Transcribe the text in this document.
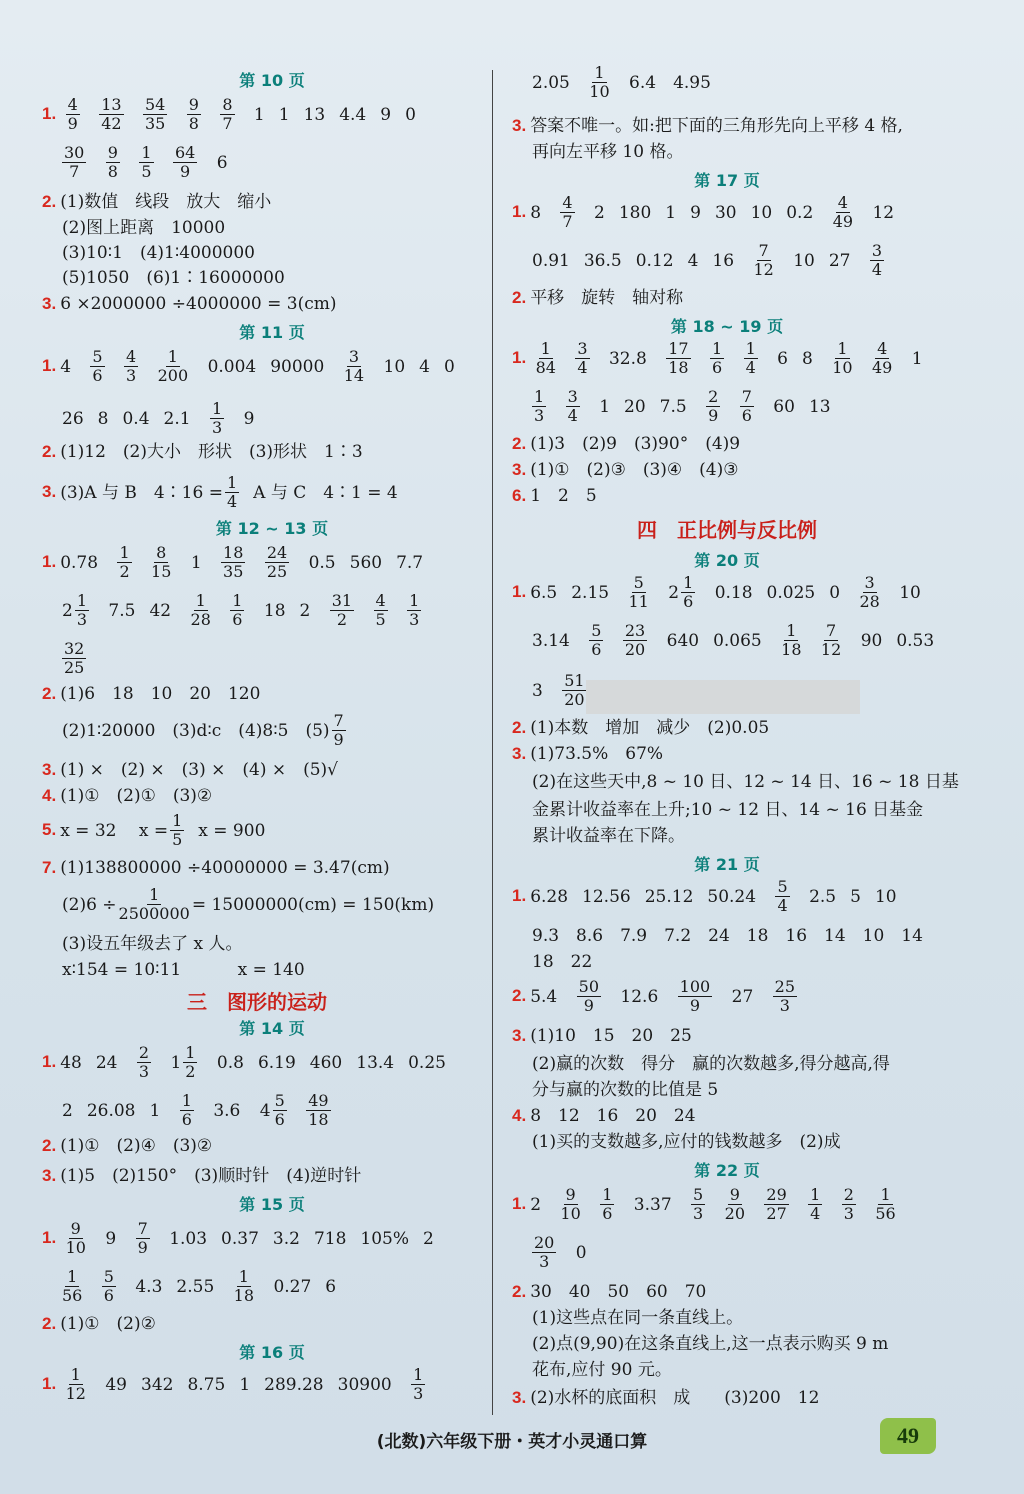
第 10 页
1. $\frac{4}{9}$
$\frac{13}{42}$
$\frac{54}{35}$
$\frac{9}{8}$
$\frac{8}{7} 1$ 1 13 4.4 9 0
$\frac{30}{7}$
$\frac{9}{8}$
$\frac{1}{5}$
$\frac{64}{9} 6$
2. (1)数值　线段　放大　缩小
(2)图上距离　10000
(3)10∶1　(4)1∶4000000
(5)1050　(6)1∶16000000
3. 6 ×2000000 ÷4000000 = 3(cm)
第 11 页
1. $4 \frac{5}{6}$
$\frac{4}{3}$
$\frac{1}{200} 0.004$ $90000 \frac{3}{14} 10$ 4 0
26 8 0.4 $2.1 \frac{1}{3} 9$
2. (1)12　(2)大小　形状　(3)形状　1∶3
3. (3)A 与 B　4∶16 = $\frac{1}{4}$ A 与 C　4∶1 = 4
第 12 ~ 13 页
1. $0.78 \frac{1}{2}$
$\frac{8}{15} 1 \frac{18}{35}$
$\frac{24}{25} 0.5$ 560 7.7
$2 \frac{1}{3} 7.5$ $42 \frac{1}{28}$
$\frac{1}{6} 18$ $2 \frac{31}{2}$
$\frac{4}{5}$
$\frac{1}{3}$
$\frac{32}{25}$
2. (1)6　18　10　20　120
(2)1∶20000　(3)d∶c　(4)8∶5　$(5) \frac{7}{9}$
3. (1) ×　(2) ×　(3) ×　(4) ×　(5)√
4. (1)①　(2)①　(3)②
5. x = 32　 $x = \frac{1}{5}$ x = 900
7. (1)138800000 ÷40000000 = 3.47(cm)
$(2)6 \div \frac{1}{2500000} = 15000000(cm) = 150(km)$
(3)设五年级去了 x 人。
x∶154 = 10∶11　　　 x = 140
三　图形的运动
第 14 页
1. 48 $24 \frac{2}{3} 1 \frac{1}{2} 0.8$ 6.19 460 13.4 0.25
2 26.08 $1 \frac{1}{6} 3.6$ $4 \frac{5}{6}$
$\frac{49}{18}$
2. (1)①　(2)④　(3)②
3. (1)5　(2)150°　(3)顺时针　(4)逆时针
第 15 页
1. $\frac{9}{10} 9 \frac{7}{9} 1.03$ 0.37 3.2 718 105% 2
$\frac{1}{56}$
$\frac{5}{6} 4.3$ $2.55 \frac{1}{18} 0.27$ 6
2. (1)①　(2)②
第 16 页
1. $\frac{1}{12} 49$ 342 8.75 1 289.28 $30900 \frac{1}{3}$
$2.05 \frac{1}{10} 6.4$　4.95
3. 答案不唯一。如:把下面的三角形先向上平移 4 格,
再向左平移 10 格。
第 17 页
1. $8 \frac{4}{7} 2$ 180 1 9 30 10 $0.2 \frac{4}{49} 12$
0.91 36.5 0.12 4 $16 \frac{7}{12} 10$ $27 \frac{3}{4}$
2. 平移　旋转　轴对称
第 18 ~ 19 页
1. $\frac{1}{84}$
$\frac{3}{4} 32.8 \frac{17}{18}$
$\frac{1}{6}$
$\frac{1}{4} 6$ $8 \frac{1}{10}$
$\frac{4}{49} 1$
$\frac{1}{3}$
$\frac{3}{4} 1$ 20 $7.5 \frac{2}{9}$
$\frac{7}{6} 60$ 13
2. (1)3　(2)9　(3)90°　(4)9
3. (1)①　(2)③　(3)④　(4)③
6. 1　2　5
四　正比例与反比例
第 20 页
1. 6.5 $2.15 \frac{5}{11} 2 \frac{1}{6} 0.18$ 0.025 $0 \frac{3}{28} 10$
$3.14 \frac{5}{6}$
$\frac{23}{20} 640$ $0.065 \frac{1}{18}$
$\frac{7}{12} 90$ 0.53
$3 \frac{51}{20}$
2. (1)本数　增加　减少　(2)0.05
3. (1)73.5%　67%
(2)在这些天中,8 ~ 10 日、12 ~ 14 日、16 ~ 18 日基
金累计收益率在上升;10 ~ 12 日、14 ~ 16 日基金
累计收益率在下降。
第 21 页
1. 6.28 12.56 25.12 $50.24 \frac{5}{4} 2.5$ 5 10
9.3　8.6　7.9　7.2　24　18　16　14　10　14
18　22
2. $5.4 \frac{50}{9} 12.6 \frac{100}{9} 27 \frac{25}{3}$
3. (1)10　15　20　25
(2)赢的次数　得分　赢的次数越多,得分越高,得
分与赢的次数的比值是 5
4. 8　12　16　20　24
(1)买的支数越多,应付的钱数越多　(2)成
第 22 页
1. $2 \frac{9}{10}$
$\frac{1}{6} 3.37 \frac{5}{3}$
$\frac{9}{20}$
$\frac{29}{27}$
$\frac{1}{4}$
$\frac{2}{3}$
$\frac{1}{56}$
$\frac{20}{3} 0$
2. 30　40　50　60　70
(1)这些点在同一条直线上。
(2)点(9,90)在这条直线上,这一点表示购买 9 m
花布,应付 90 元。
3. (2)水杯的底面积　成　　(3)200　12
(北数)六年级下册・英才小灵通口算	49
